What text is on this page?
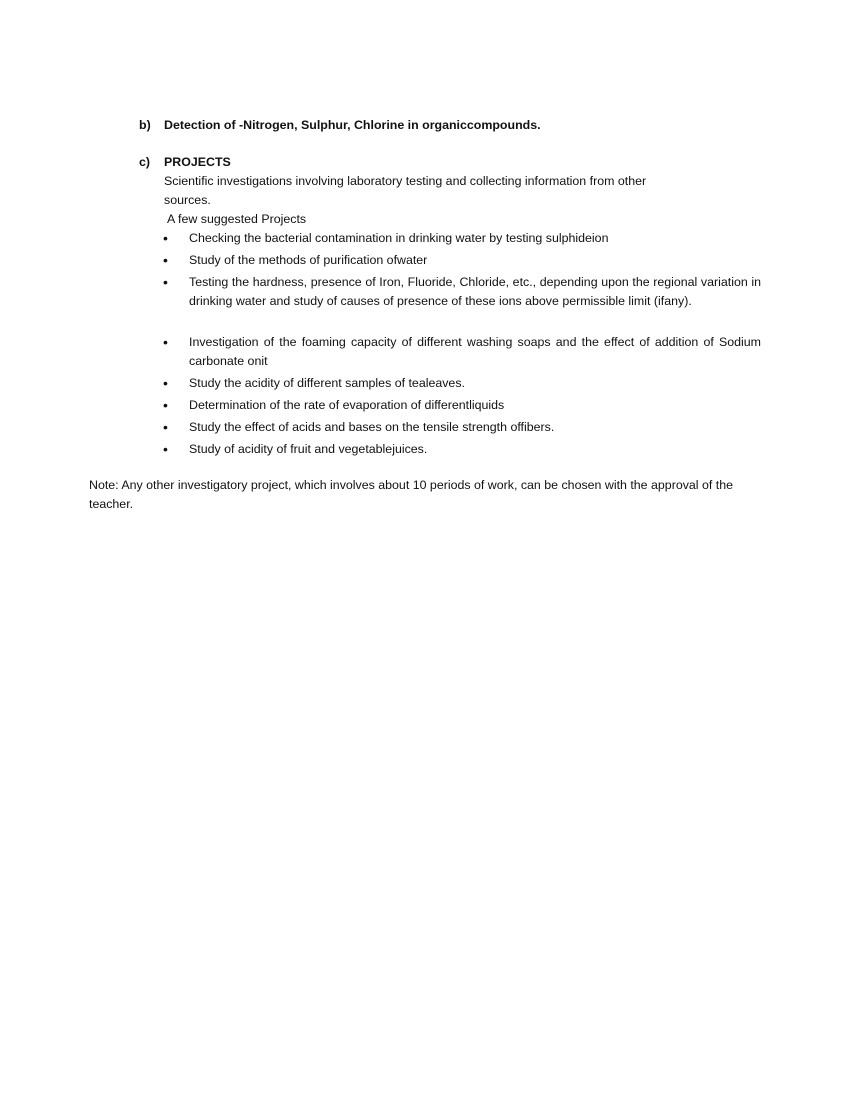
b) Detection of -Nitrogen, Sulphur, Chlorine in organiccompounds.
c) PROJECTS
Scientific investigations involving laboratory testing and collecting information from other
sources.
A few suggested Projects
• Checking the bacterial contamination in drinking water by testing sulphideion
• Study of the methods of purification ofwater
• Testing the hardness, presence of Iron, Fluoride, Chloride, etc., depending upon the regional variation in drinking water and study of causes of presence of these ions above permissible limit (ifany).
• Investigation of the foaming capacity of different washing soaps and the effect of addition of Sodium carbonate onit
• Study the acidity of different samples of tealeaves.
• Determination of the rate of evaporation of differentliquids
• Study the effect of acids and bases on the tensile strength offibers.
• Study of acidity of fruit and vegetablejuices.
Note: Any other investigatory project, which involves about 10 periods of work, can be chosen with the approval of the teacher.
